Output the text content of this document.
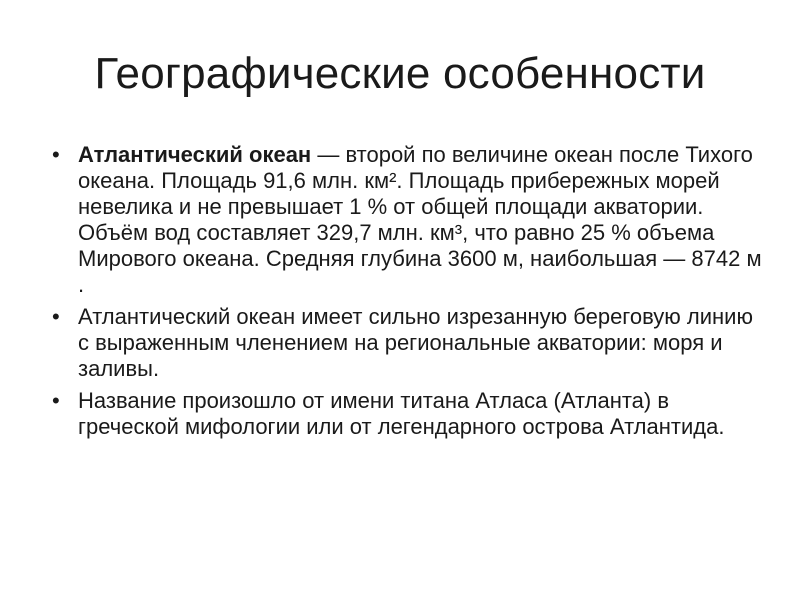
Географические особенности
• Атлантический океан — второй по величине океан после Тихого океана. Площадь 91,6 млн. км². Площадь прибережных морей невелика и не превышает 1 % от общей площади акватории. Объём вод составляет 329,7 млн. км³, что равно 25 % объема Мирового океана. Средняя глубина 3600 м, наибольшая — 8742 м .
• Атлантический океан имеет сильно изрезанную береговую линию с выраженным членением на региональные акватории: моря и заливы.
• Название произошло от имени титана Атласа (Атланта) в греческой мифологии или от легендарного острова Атлантида.
